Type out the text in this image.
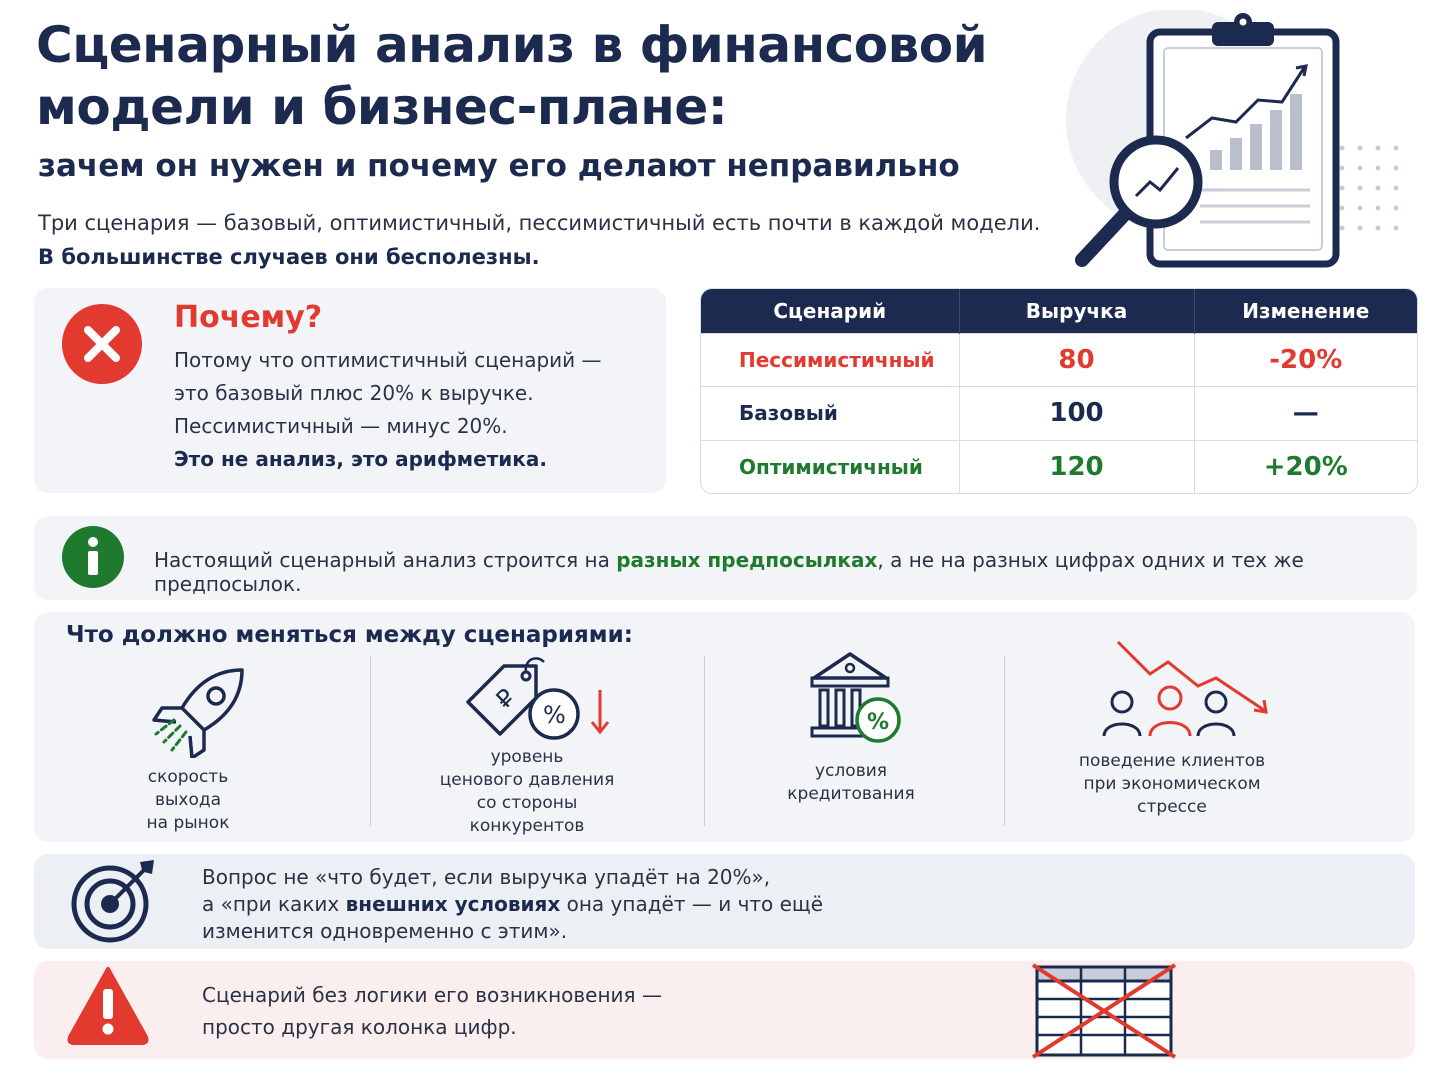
Сценарный анализ в финансовой
модели и бизнес-плане:
зачем он нужен и почему его делают неправильно
Три сценария — базовый, оптимистичный, пессимистичный есть почти в каждой модели.
В большинстве случаев они бесполезны.
Почему?
Потому что оптимистичный сценарий —
это базовый плюс 20% к выручке.
Пессимистичный — минус 20%.
Это не анализ, это арифметика.
Сценарий	Выручка	Изменение
Пессимистичный	80	-20%
Базовый	100	—
Оптимистичный	120	+20%
Настоящий сценарный анализ строится на разных предпосылках, а не на разных цифрах одних и тех же предпосылок.
Что должно меняться между сценариями:
скорость
выхода
на рынок
₽
%
уровень
ценового давления
со стороны
конкурентов
%
условия
кредитования
поведение клиентов
при экономическом
стрессе
Вопрос не «что будет, если выручка упадёт на 20%»,
а «при каких внешних условиях она упадёт — и что ещё
изменится одновременно с этим».
Сценарий без логики его возникновения —
просто другая колонка цифр.
